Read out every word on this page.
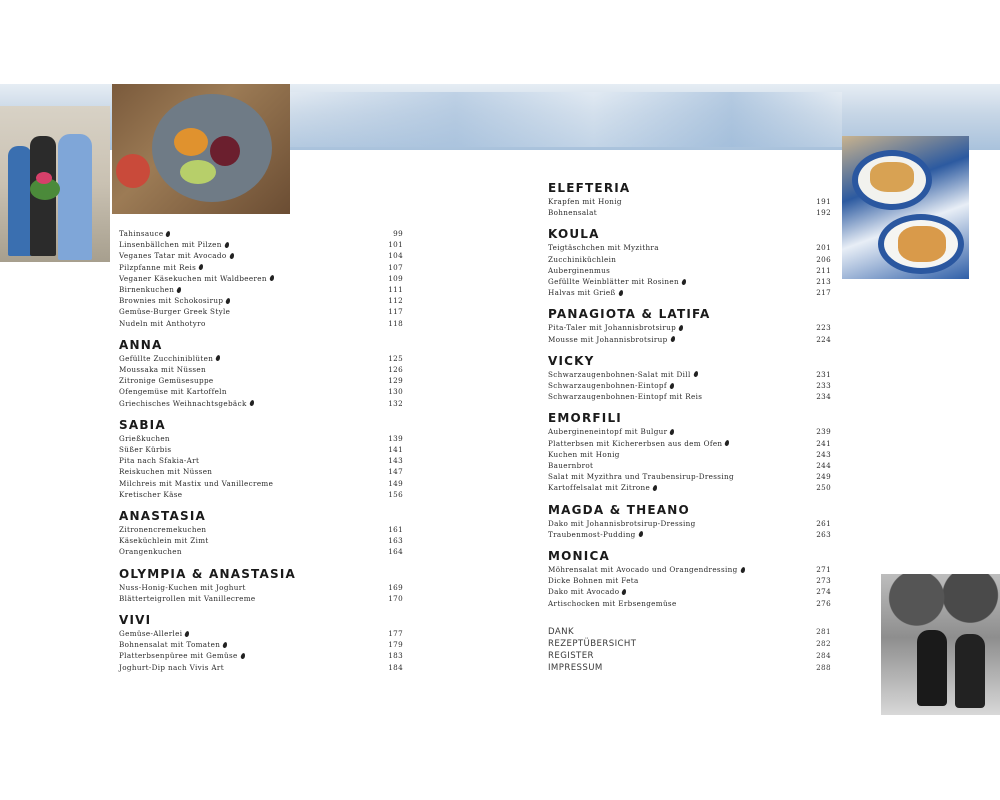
Tahinsauce	99
Linsenbällchen mit Pilzen	101
Veganes Tatar mit Avocado	104
Pilzpfanne mit Reis	107
Veganer Käsekuchen mit Waldbeeren	109
Birnenkuchen	111
Brownies mit Schokosirup	112
Gemüse-Burger Greek Style	117
Nudeln mit Anthotyro	118
ANNA
Gefüllte Zucchiniblüten	125
Moussaka mit Nüssen	126
Zitronige Gemüsesuppe	129
Ofengemüse mit Kartoffeln	130
Griechisches Weihnachtsgebäck	132
SABIA
Grießkuchen	139
Süßer Kürbis	141
Pita nach Sfakia-Art	143
Reiskuchen mit Nüssen	147
Milchreis mit Mastix und Vanillecreme	149
Kretischer Käse	156
ANASTASIA
Zitronencremekuchen	161
Käseküchlein mit Zimt	163
Orangenkuchen	164
OLYMPIA & ANASTASIA
Nuss-Honig-Kuchen mit Joghurt	169
Blätterteigrollen mit Vanillecreme	170
VIVI
Gemüse-Allerlei	177
Bohnensalat mit Tomaten	179
Platterbsenpüree mit Gemüse	183
Joghurt-Dip nach Vivis Art	184
ELEFTERIA
Krapfen mit Honig	191
Bohnensalat	192
KOULA
Teigtäschchen mit Myzithra	201
Zucchiniküchlein	206
Auberginenmus	211
Gefüllte Weinblätter mit Rosinen	213
Halvas mit Grieß	217
PANAGIOTA & LATIFA
Pita-Taler mit Johannisbrotsirup	223
Mousse mit Johannisbrotsirup	224
VICKY
Schwarzaugenbohnen-Salat mit Dill	231
Schwarzaugenbohnen-Eintopf	233
Schwarzaugenbohnen-Eintopf mit Reis	234
EMORFILI
Aubergineneintopf mit Bulgur	239
Platterbsen mit Kichererbsen aus dem Ofen	241
Kuchen mit Honig	243
Bauernbrot	244
Salat mit Myzithra und Traubensirup-Dressing	249
Kartoffelsalat mit Zitrone	250
MAGDA & THEANO
Dako mit Johannisbrotsirup-Dressing	261
Traubenmost-Pudding	263
MONICA
Möhrensalat mit Avocado und Orangendressing	271
Dicke Bohnen mit Feta	273
Dako mit Avocado	274
Artischocken mit Erbsengemüse	276
DANK	281
REZEPTÜBERSICHT	282
REGISTER	284
IMPRESSUM	288
